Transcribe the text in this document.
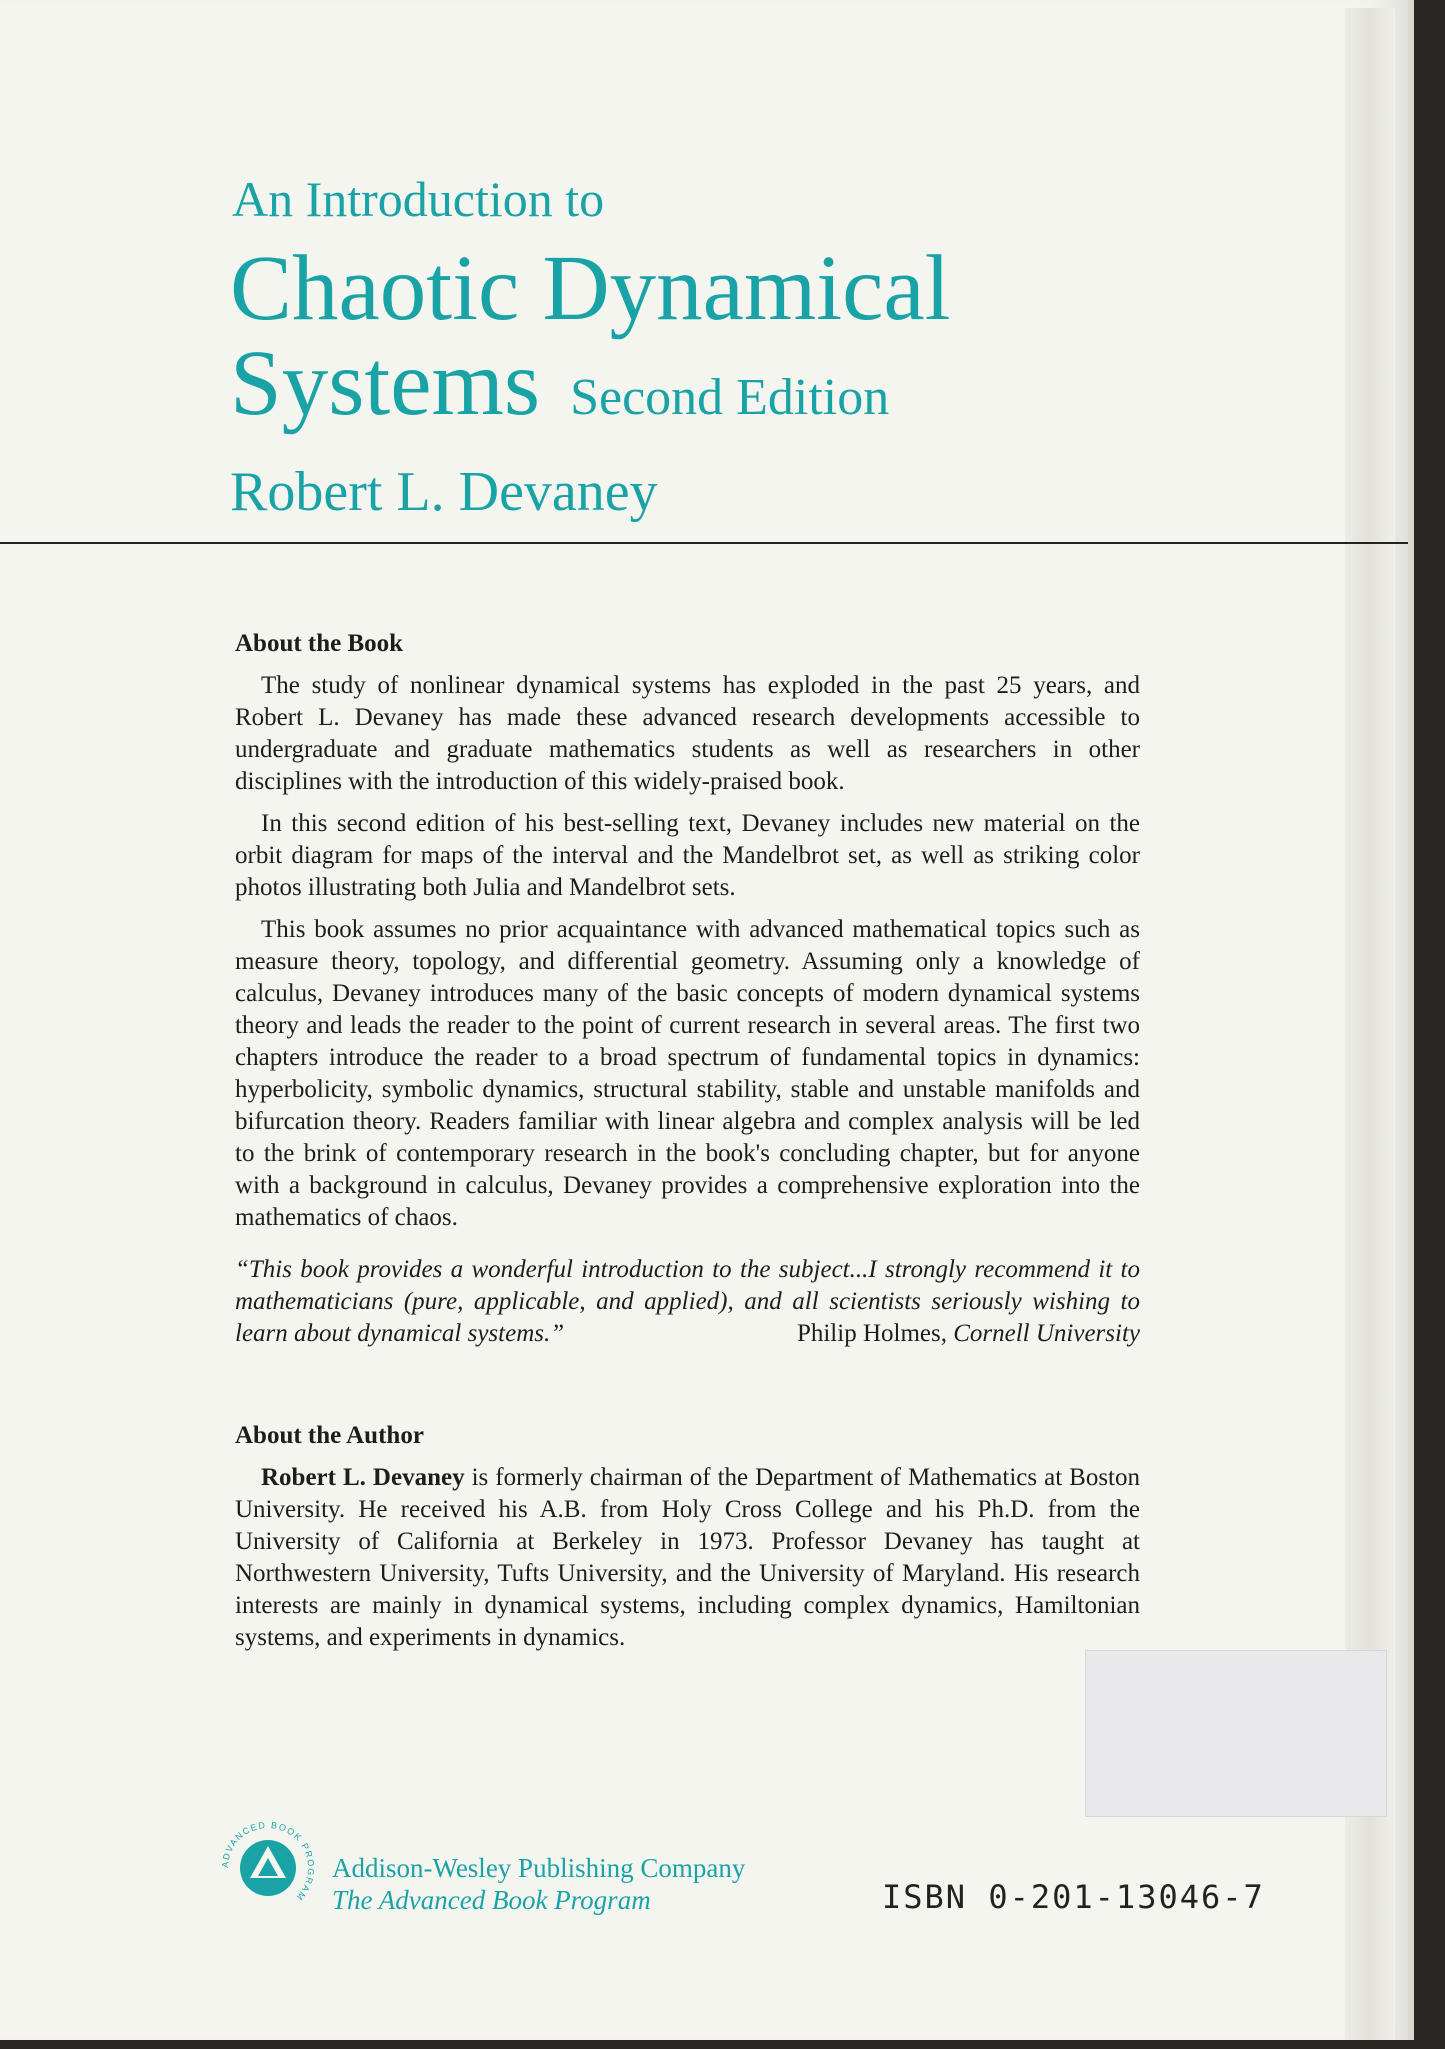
An Introduction to
Chaotic Dynamical
Systems Second Edition
Robert L. Devaney
About the Book

The study of nonlinear dynamical systems has exploded in the past 25 years, and Robert L. Devaney has made these advanced research developments accessible to undergraduate and graduate mathematics students as well as researchers in other disciplines with the introduction of this widely-praised book.

In this second edition of his best-selling text, Devaney includes new material on the orbit diagram for maps of the interval and the Mandelbrot set, as well as striking color photos illustrating both Julia and Mandelbrot sets.

This book assumes no prior acquaintance with advanced mathematical topics such as measure theory, topology, and differential geometry. Assuming only a knowledge of calculus, Devaney introduces many of the basic concepts of modern dynamical systems theory and leads the reader to the point of current research in several areas. The first two chapters introduce the reader to a broad spectrum of fundamental topics in dynamics: hyperbolicity, symbolic dynamics, structural stability, stable and unstable manifolds and bifurcation theory. Readers familiar with linear algebra and complex analysis will be led to the brink of contemporary research in the book's concluding chapter, but for anyone with a background in calculus, Devaney provides a comprehensive exploration into the mathematics of chaos.

“This book provides a wonderful introduction to the subject...I strongly recommend it to mathematicians (pure, applicable, and applied), and all scientists seriously wishing to learn about dynamical systems.”	Philip Holmes, Cornell University
About the Author

Robert L. Devaney is formerly chairman of the Department of Mathematics at Boston University. He received his A.B. from Holy Cross College and his Ph.D. from the University of California at Berkeley in 1973. Professor Devaney has taught at Northwestern University, Tufts University, and the University of Maryland. His research interests are mainly in dynamical systems, including complex dynamics, Hamiltonian systems, and experiments in dynamics.

ADVANCED BOOK PROGRAM
Addison-Wesley Publishing Company
The Advanced Book Program	ISBN 0-201-13046-7
